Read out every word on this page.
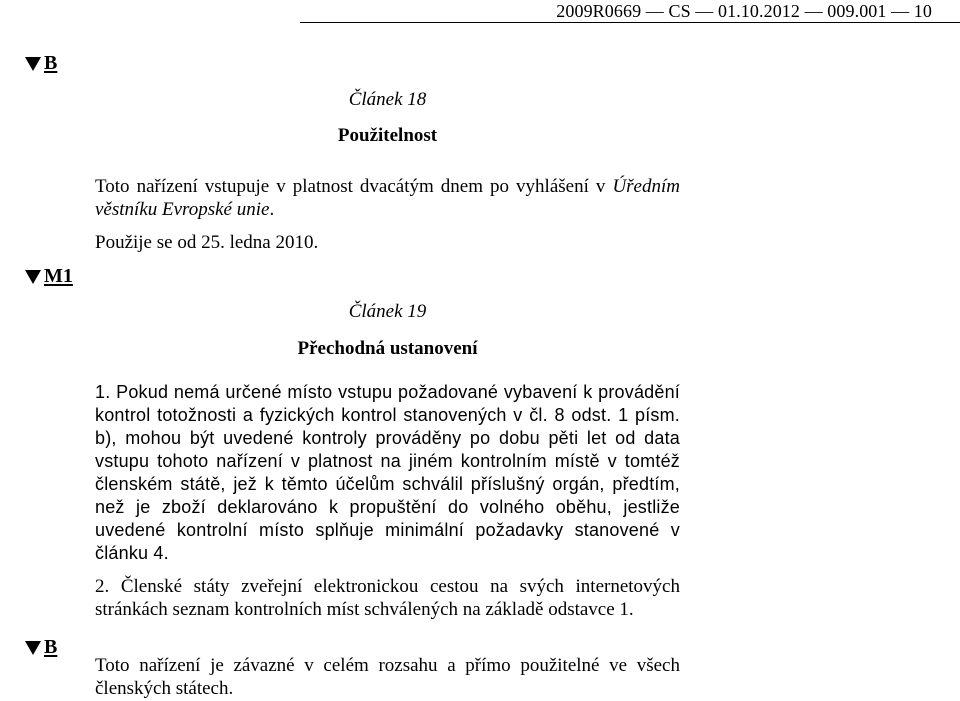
2009R0669 — CS — 01.10.2012 — 009.001 — 10
B
Článek 18
Použitelnost

Toto nařízení vstupuje v platnost dvacátým dnem po vyhlášení v Úředním věstníku Evropské unie.

Použije se od 25. ledna 2010.

M1
Článek 19
Přechodná ustanovení

1. Pokud nemá určené místo vstupu požadované vybavení k provádění kontrol totožnosti a fyzických kontrol stanovených v čl. 8 odst. 1 písm. b), mohou být uvedené kontroly prováděny po dobu pěti let od data vstupu tohoto nařízení v platnost na jiném kontrolním místě v tomtéž členském státě, jež k těmto účelům schválil příslušný orgán, předtím, než je zboží deklarováno k propuštění do volného oběhu, jestliže uvedené kontrolní místo splňuje minimální požadavky stanovené v článku 4.

2. Členské státy zveřejní elektronickou cestou na svých internetových stránkách seznam kontrolních míst schválených na základě odstavce 1.

B

Toto nařízení je závazné v celém rozsahu a přímo použitelné ve všech členských státech.
